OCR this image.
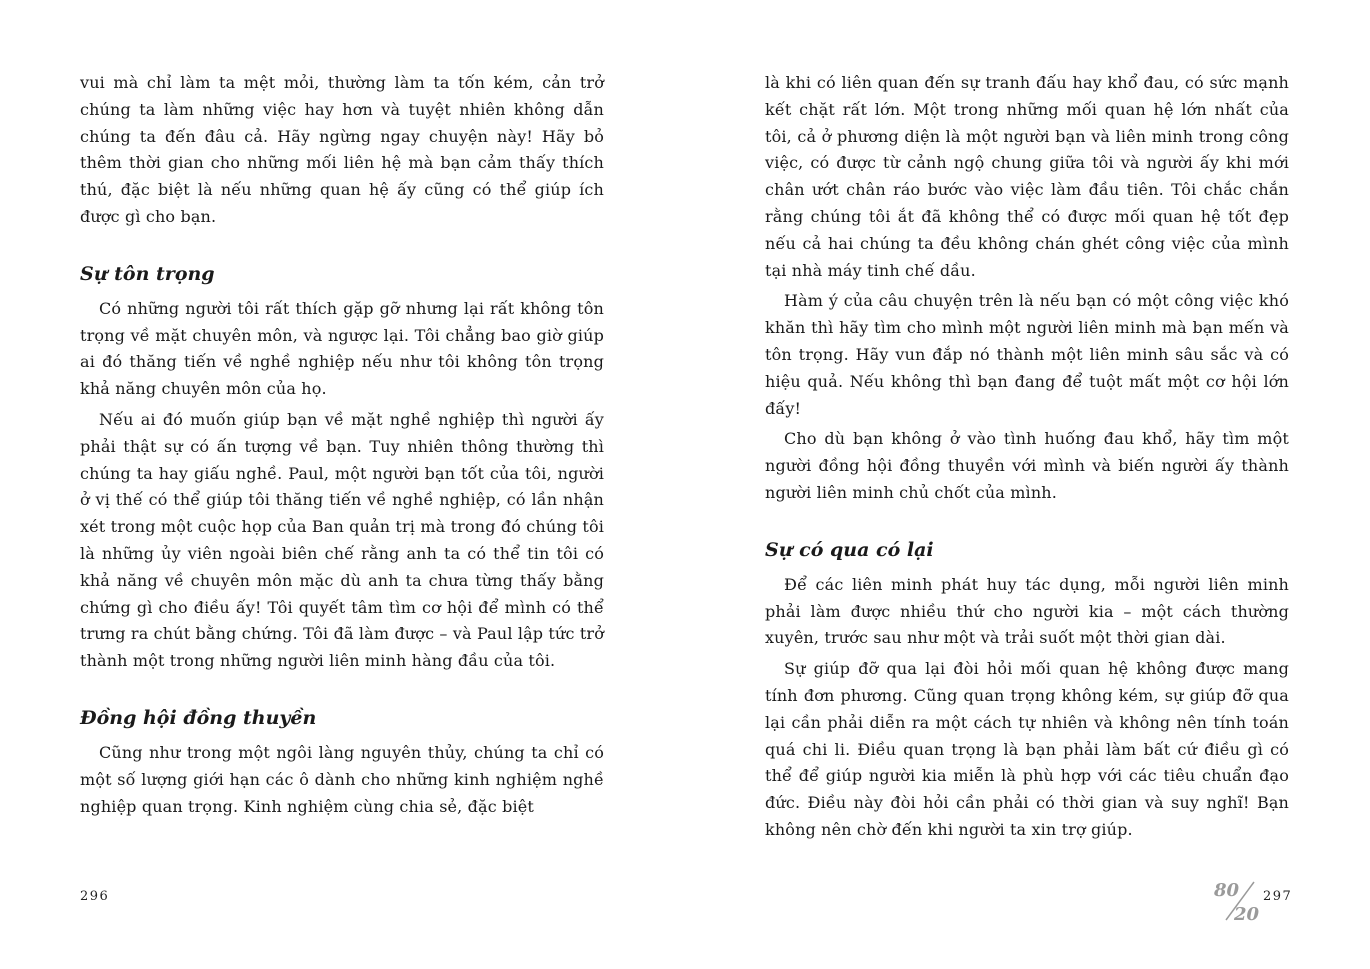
vui mà chỉ làm ta mệt mỏi, thường làm ta tốn kém, cản trở chúng ta làm những việc hay hơn và tuyệt nhiên không dẫn chúng ta đến đâu cả. Hãy ngừng ngay chuyện này! Hãy bỏ thêm thời gian cho những mối liên hệ mà bạn cảm thấy thích thú, đặc biệt là nếu những quan hệ ấy cũng có thể giúp ích được gì cho bạn.

Sự tôn trọng

Có những người tôi rất thích gặp gỡ nhưng lại rất không tôn trọng về mặt chuyên môn, và ngược lại. Tôi chẳng bao giờ giúp ai đó thăng tiến về nghề nghiệp nếu như tôi không tôn trọng khả năng chuyên môn của họ.

Nếu ai đó muốn giúp bạn về mặt nghề nghiệp thì người ấy phải thật sự có ấn tượng về bạn. Tuy nhiên thông thường thì chúng ta hay giấu nghề. Paul, một người bạn tốt của tôi, người ở vị thế có thể giúp tôi thăng tiến về nghề nghiệp, có lần nhận xét trong một cuộc họp của Ban quản trị mà trong đó chúng tôi là những ủy viên ngoài biên chế rằng anh ta có thể tin tôi có khả năng về chuyên môn mặc dù anh ta chưa từng thấy bằng chứng gì cho điều ấy! Tôi quyết tâm tìm cơ hội để mình có thể trưng ra chút bằng chứng. Tôi đã làm được – và Paul lập tức trở thành một trong những người liên minh hàng đầu của tôi.

Đồng hội đồng thuyền

Cũng như trong một ngôi làng nguyên thủy, chúng ta chỉ có một số lượng giới hạn các ô dành cho những kinh nghiệm nghề nghiệp quan trọng. Kinh nghiệm cùng chia sẻ, đặc biệt

296

là khi có liên quan đến sự tranh đấu hay khổ đau, có sức mạnh kết chặt rất lớn. Một trong những mối quan hệ lớn nhất của tôi, cả ở phương diện là một người bạn và liên minh trong công việc, có được từ cảnh ngộ chung giữa tôi và người ấy khi mới chân ướt chân ráo bước vào việc làm đầu tiên. Tôi chắc chắn rằng chúng tôi ắt đã không thể có được mối quan hệ tốt đẹp nếu cả hai chúng ta đều không chán ghét công việc của mình tại nhà máy tinh chế dầu.

Hàm ý của câu chuyện trên là nếu bạn có một công việc khó khăn thì hãy tìm cho mình một người liên minh mà bạn mến và tôn trọng. Hãy vun đắp nó thành một liên minh sâu sắc và có hiệu quả. Nếu không thì bạn đang để tuột mất một cơ hội lớn đấy!

Cho dù bạn không ở vào tình huống đau khổ, hãy tìm một người đồng hội đồng thuyền với mình và biến người ấy thành người liên minh chủ chốt của mình.

Sự có qua có lại

Để các liên minh phát huy tác dụng, mỗi người liên minh phải làm được nhiều thứ cho người kia – một cách thường xuyên, trước sau như một và trải suốt một thời gian dài.

Sự giúp đỡ qua lại đòi hỏi mối quan hệ không được mang tính đơn phương. Cũng quan trọng không kém, sự giúp đỡ qua lại cần phải diễn ra một cách tự nhiên và không nên tính toán quá chi li. Điều quan trọng là bạn phải làm bất cứ điều gì có thể để giúp người kia miễn là phù hợp với các tiêu chuẩn đạo đức. Điều này đòi hỏi cần phải có thời gian và suy nghĩ! Bạn không nên chờ đến khi người ta xin trợ giúp.

80
20
297
